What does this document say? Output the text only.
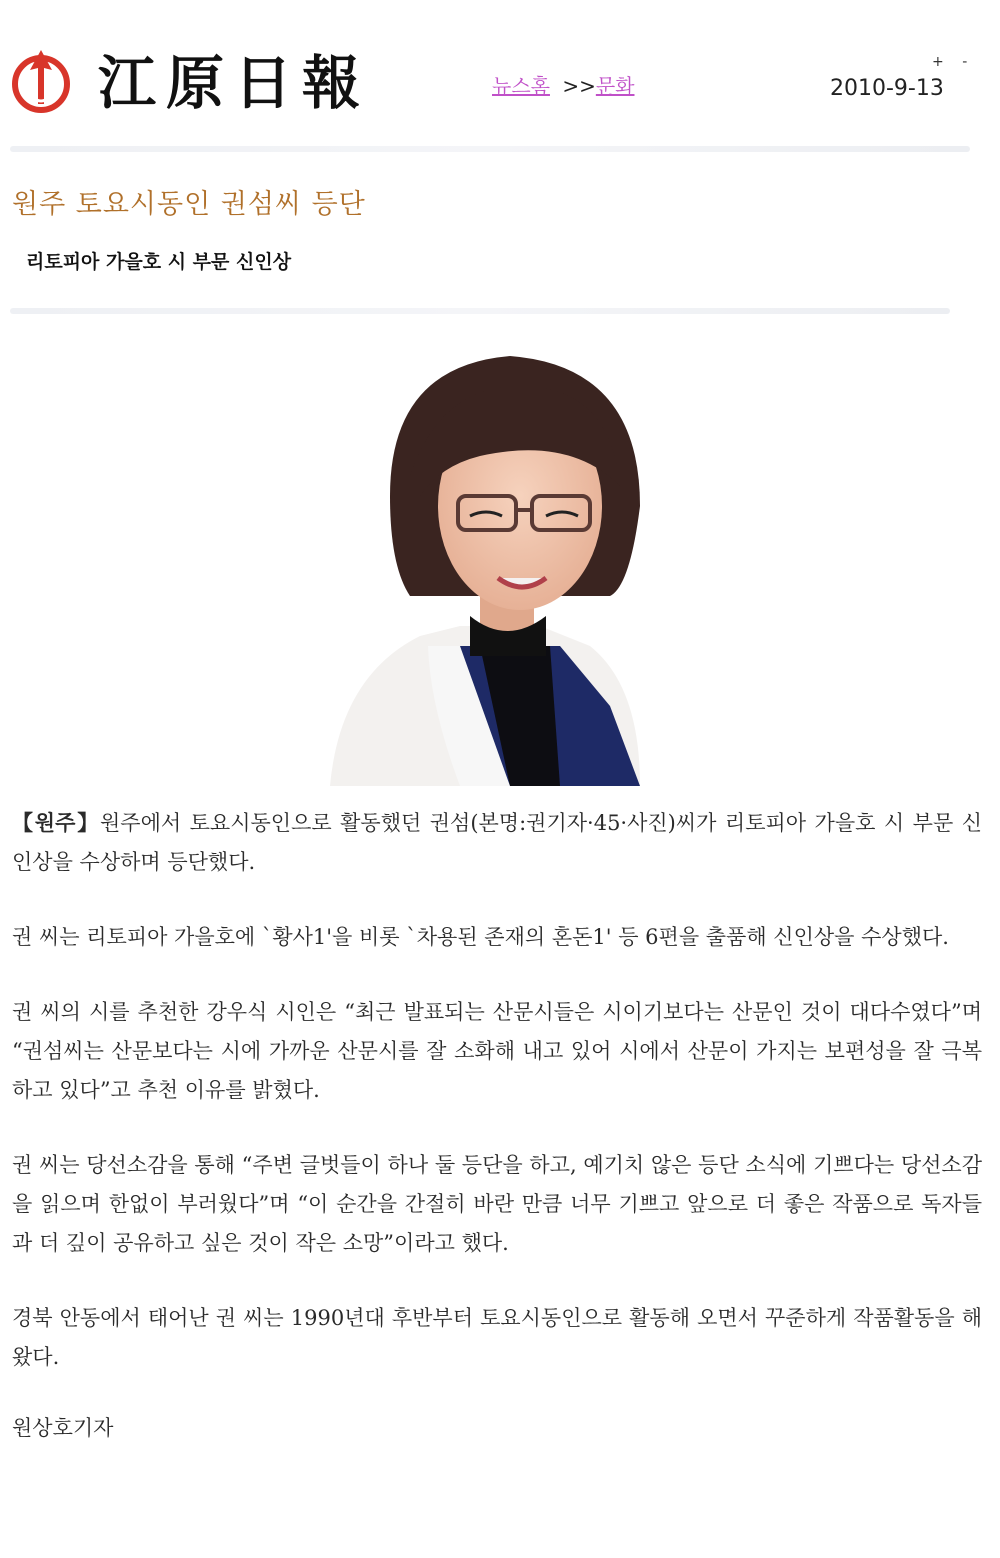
江原日報	뉴스홈 >>문화
+ -
2010-9-13
원주 토요시동인 권섬씨 등단
리토피아 가을호 시 부문 신인상

【원주】원주에서 토요시동인으로 활동했던 권섬(본명:권기자·45·사진)씨가 리토피아 가을호 시 부문 신인상을 수상하며 등단했다.

권 씨는 리토피아 가을호에 `황사1'을 비롯 `차용된 존재의 혼돈1' 등 6편을 출품해 신인상을 수상했다.

권 씨의 시를 추천한 강우식 시인은 “최근 발표되는 산문시들은 시이기보다는 산문인 것이 대다수였다”며 “권섬씨는 산문보다는 시에 가까운 산문시를 잘 소화해 내고 있어 시에서 산문이 가지는 보편성을 잘 극복하고 있다”고 추천 이유를 밝혔다.

권 씨는 당선소감을 통해 “주변 글벗들이 하나 둘 등단을 하고, 예기치 않은 등단 소식에 기쁘다는 당선소감을 읽으며 한없이 부러웠다”며 “이 순간을 간절히 바란 만큼 너무 기쁘고 앞으로 더 좋은 작품으로 독자들과 더 깊이 공유하고 싶은 것이 작은 소망”이라고 했다.

경북 안동에서 태어난 권 씨는 1990년대 후반부터 토요시동인으로 활동해 오면서 꾸준하게 작품활동을 해왔다.

원상호기자
